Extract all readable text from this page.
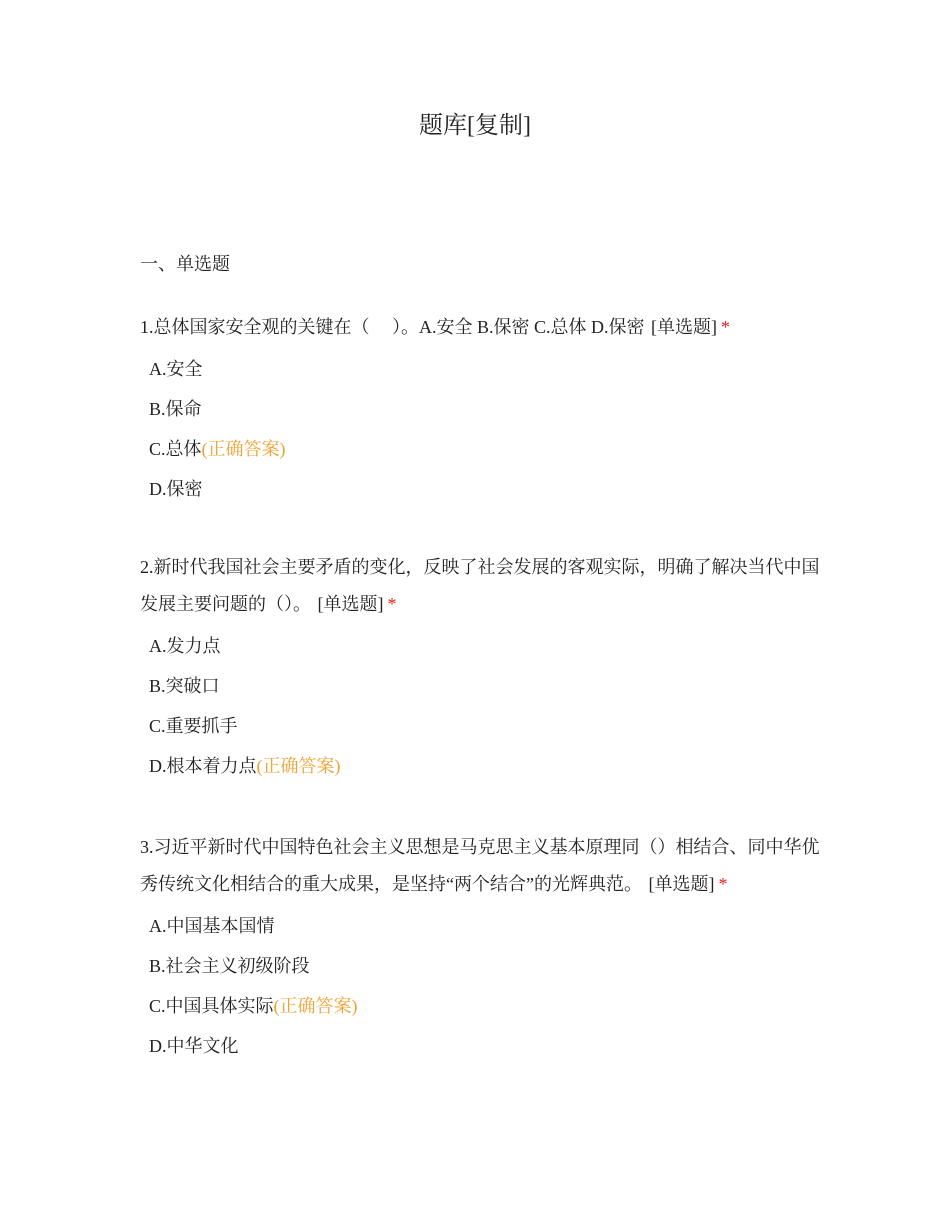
题库[复制]
一、单选题

1.总体国家安全观的关键在（　 ）。A.安全 B.保密 C.总体 D.保密 [单选题] *

A.安全
B.保命
C.总体(正确答案)
D.保密

2.新时代我国社会主要矛盾的变化，反映了社会发展的客观实际，明确了解决当代中国发展主要问题的（）。 [单选题] *

A.发力点
B.突破口
C.重要抓手
D.根本着力点(正确答案)

3.习近平新时代中国特色社会主义思想是马克思主义基本原理同（）相结合、同中华优秀传统文化相结合的重大成果，是坚持“两个结合”的光辉典范。 [单选题] *

A.中国基本国情
B.社会主义初级阶段
C.中国具体实际(正确答案)
D.中华文化
